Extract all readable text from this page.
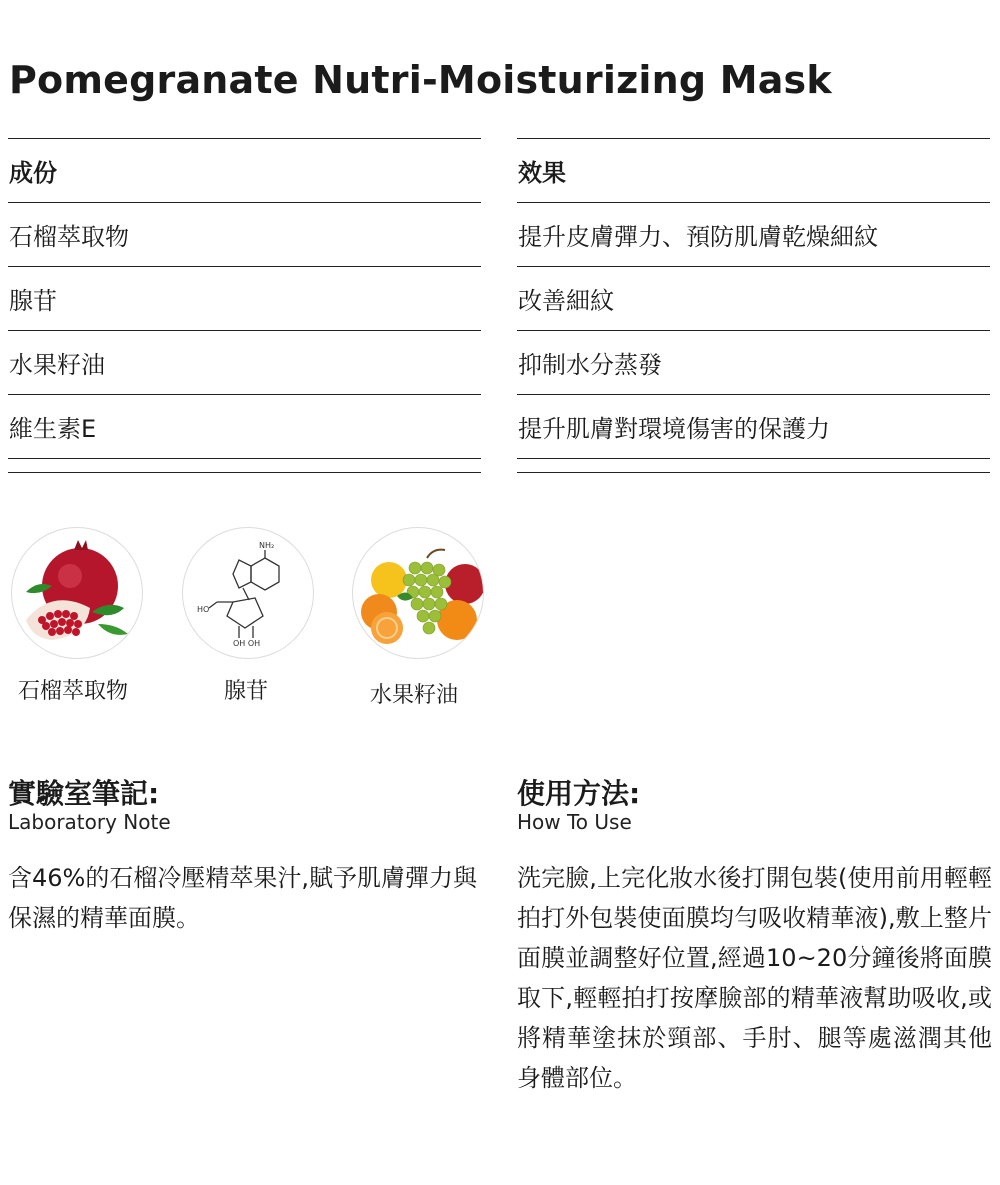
Pomegranate Nutri-Moisturizing Mask
成份
石榴萃取物
腺苷
水果籽油
維生素E
效果
提升皮膚彈力、預防肌膚乾燥細紋
改善細紋
抑制水分蒸發
提升肌膚對環境傷害的保護力
NH₂
HO
OH OH
石榴萃取物	腺苷	水果籽油
實驗室筆記:
Laboratory Note

含46%的石榴冷壓精萃果汁,賦予肌膚彈力與保濕的精華面膜。

使用方法:
How To Use

洗完臉,上完化妝水後打開包裝(使用前用輕輕拍打外包裝使面膜均勻吸收精華液),敷上整片面膜並調整好位置,經過10~20分鐘後將面膜取下,輕輕拍打按摩臉部的精華液幫助吸收,或將精華塗抹於頸部、手肘、腿等處滋潤其他身體部位。
